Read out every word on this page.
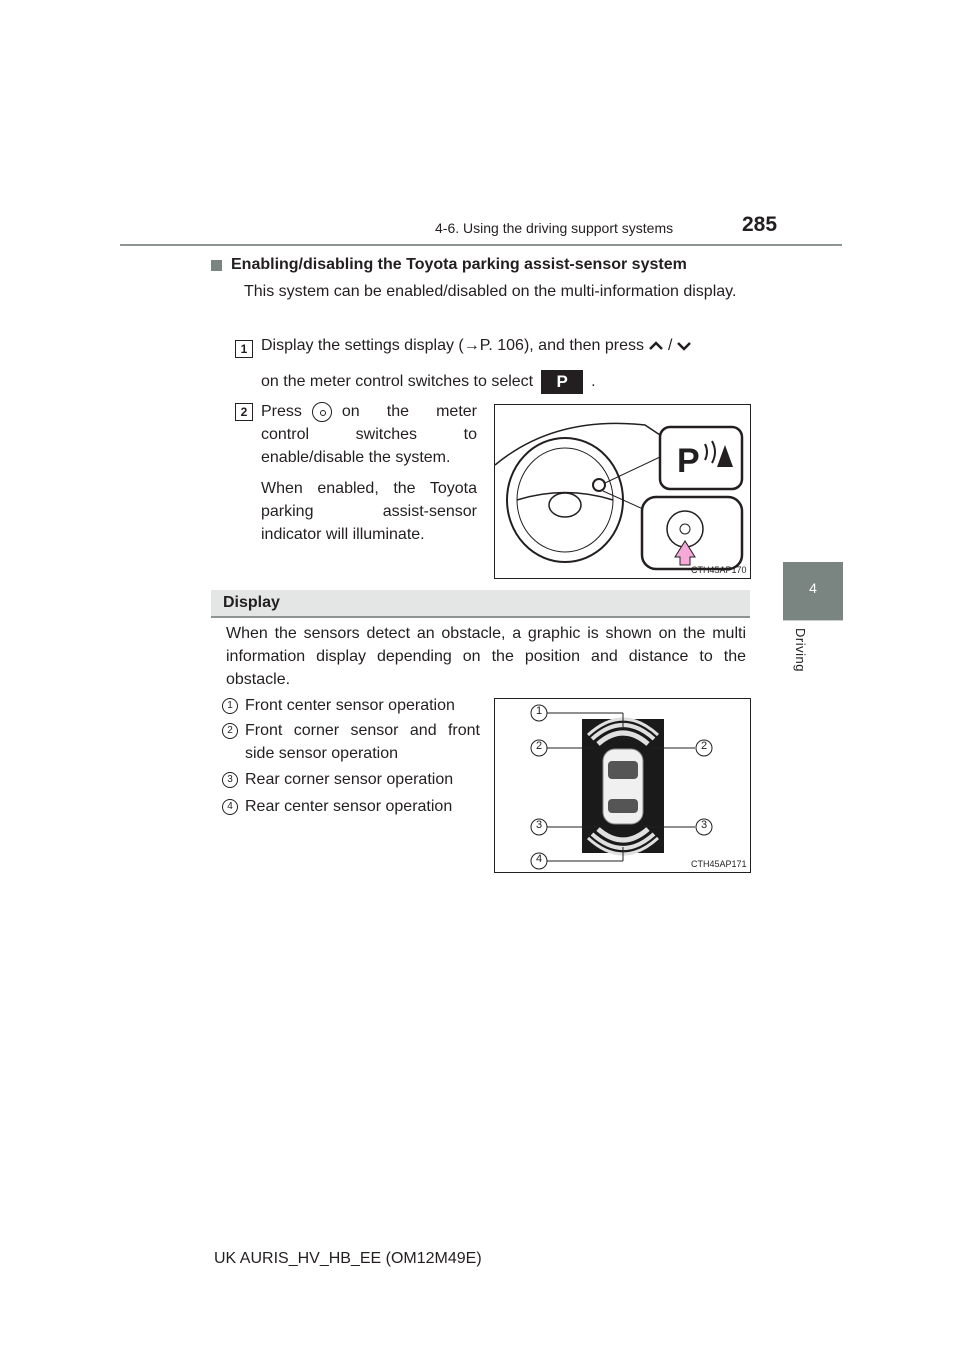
4-6. Using the driving support systems	285
4
Driving
Enabling/disabling the Toyota parking assist-sensor system
This system can be enabled/disabled on the multi-information display.
1 Display the settings display (→P. 106), and then press /
on the meter control switches to select	P	.
2 Press	on the meter control switches to enable/disable the system.
When enabled, the Toyota parking assist-sensor indicator will illuminate.
P
CTH45AP170
Display
When the sensors detect an obstacle, a graphic is shown on the multi information display depending on the position and distance to the obstacle.
1 Front center sensor operation
2 Front corner sensor and front side sensor operation
3 Rear corner sensor operation
4 Rear center sensor operation
1
2	2
3	3
4	CTH45AP171
UK AURIS_HV_HB_EE (OM12M49E)
